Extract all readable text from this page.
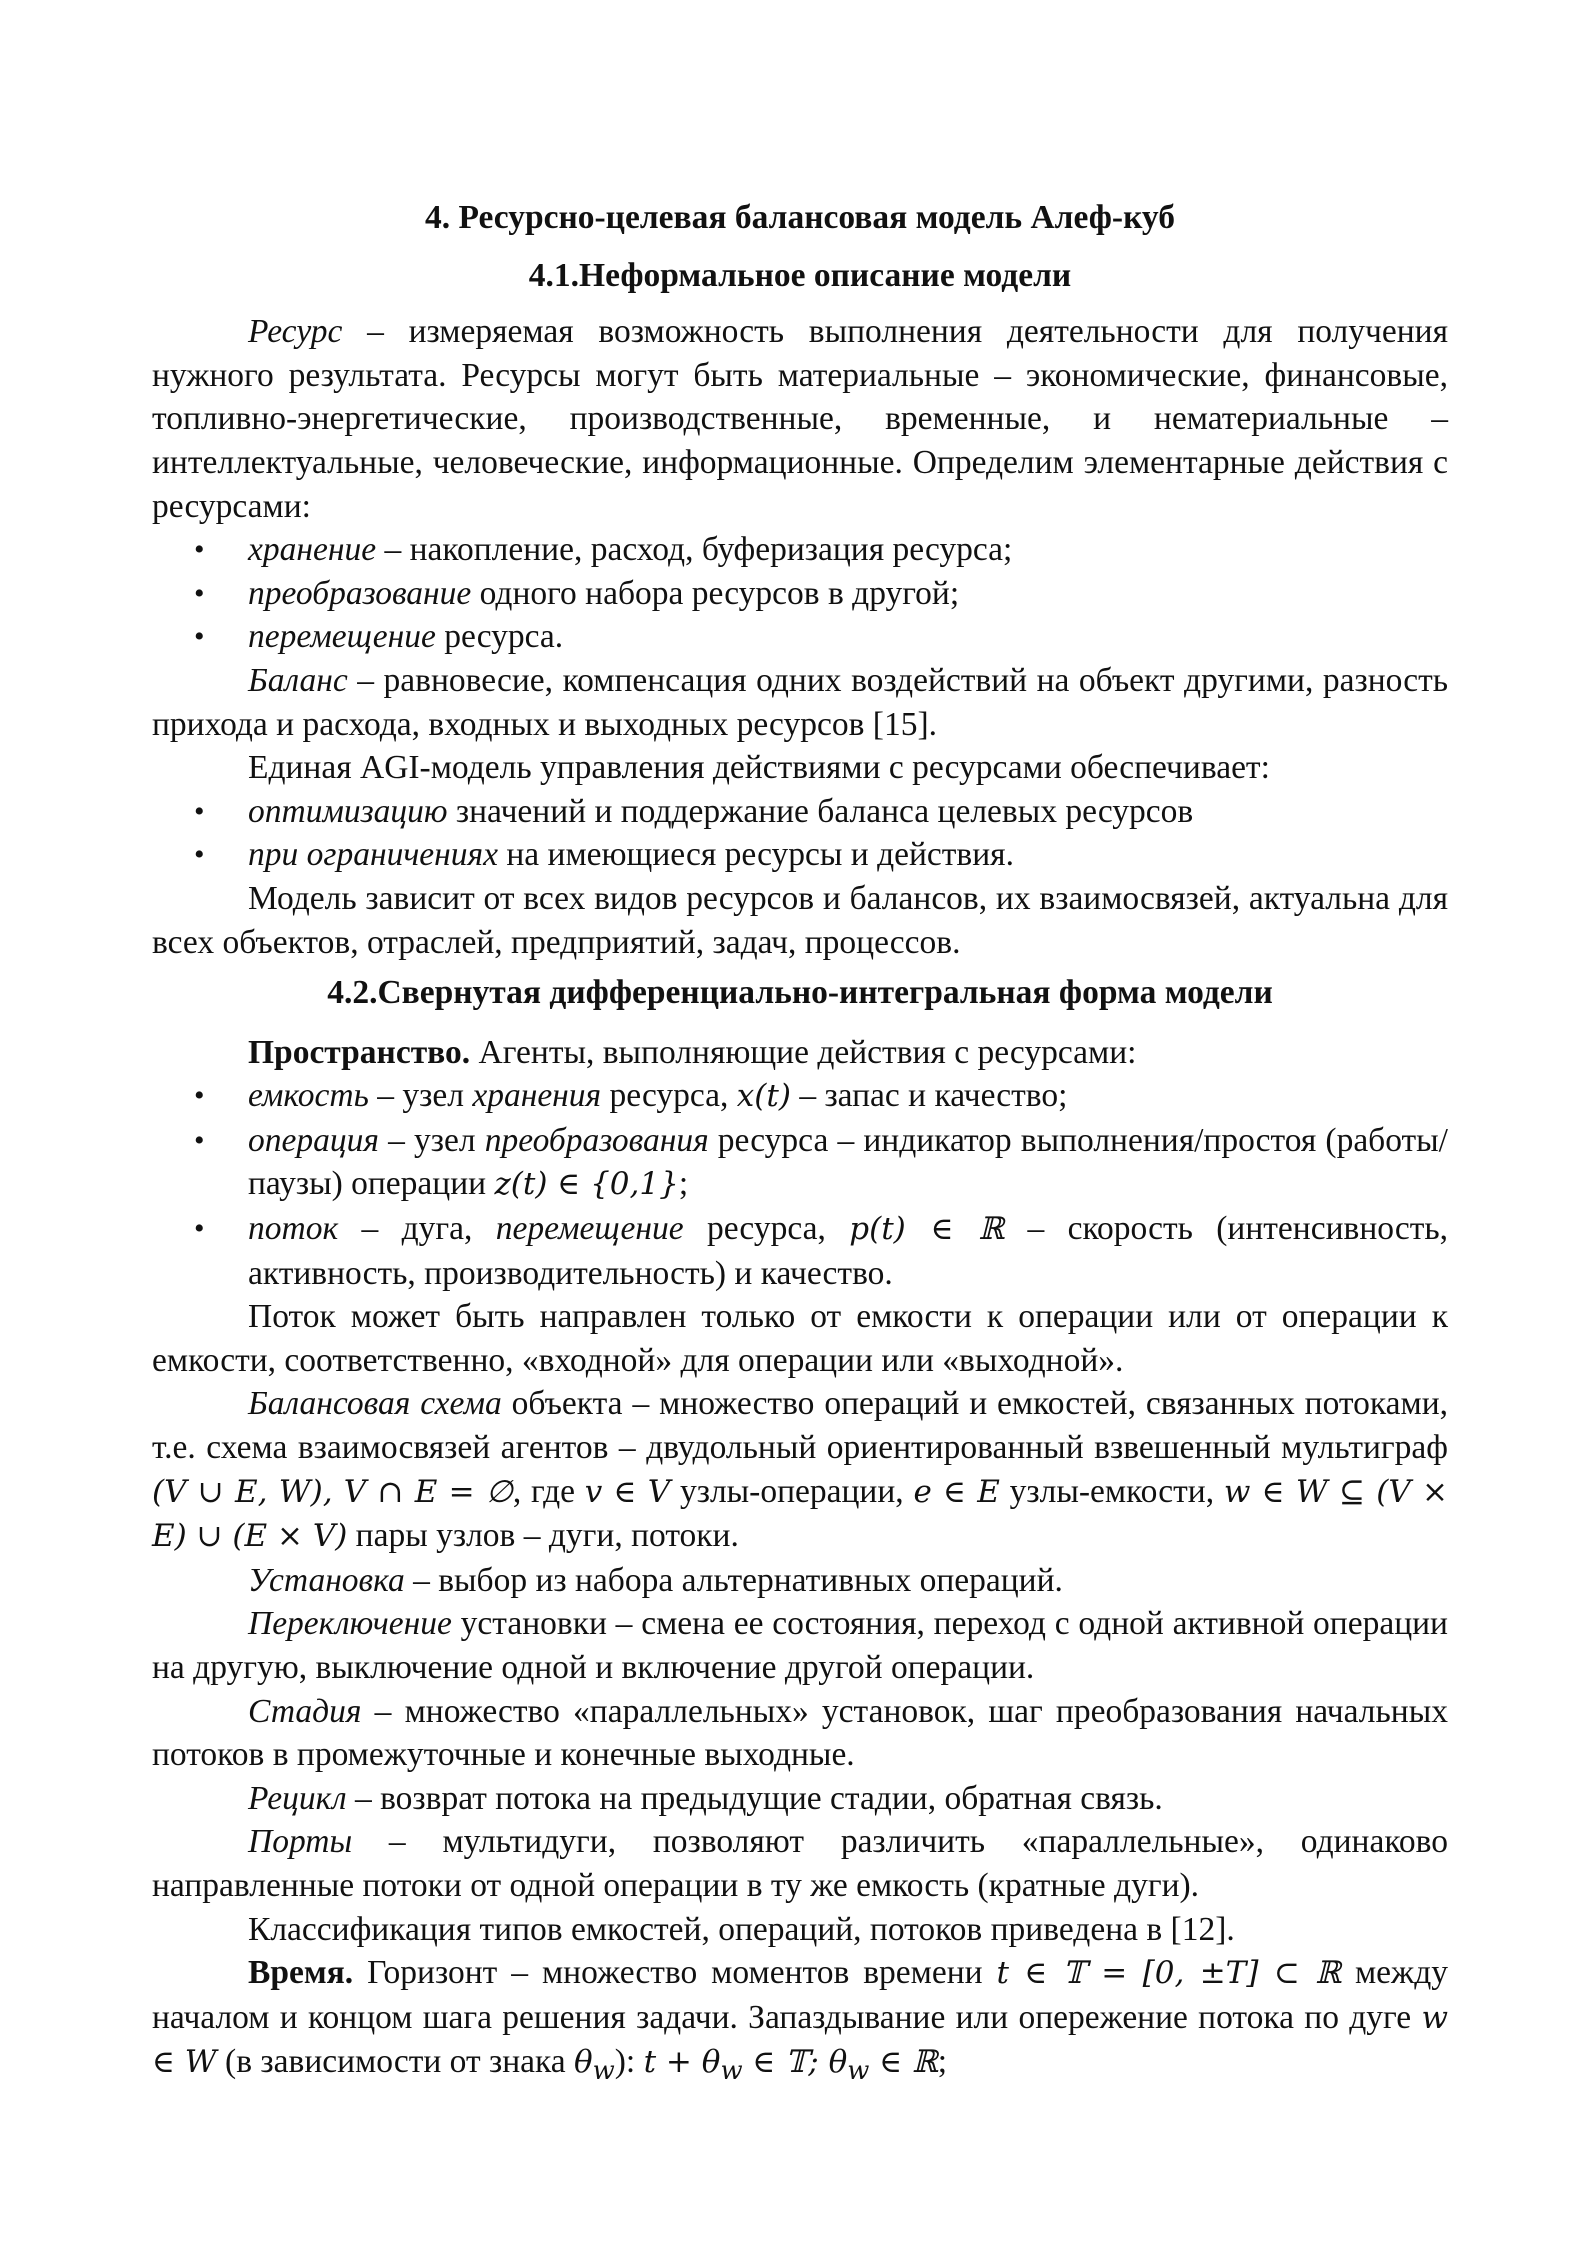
4. Ресурсно-целевая балансовая модель Алеф-куб
4.1.Неформальное описание модели

Ресурс – измеряемая возможность выполнения деятельности для получения нужного результата. Ресурсы могут быть материальные – экономические, финансовые, топливно-энергетические, производственные, временные, и нематериальные – интеллектуальные, человеческие, информационные. Определим элементарные действия с ресурсами:

• хранение – накопление, расход, буферизация ресурса;
• преобразование одного набора ресурсов в другой;
• перемещение ресурса.

Баланс – равновесие, компенсация одних воздействий на объект другими, разность прихода и расхода, входных и выходных ресурсов [15].

Единая AGI-модель управления действиями с ресурсами обеспечивает:

• оптимизацию значений и поддержание баланса целевых ресурсов
• при ограничениях на имеющиеся ресурсы и действия.

Модель зависит от всех видов ресурсов и балансов, их взаимосвязей, актуальна для всех объектов, отраслей, предприятий, задач, процессов.

4.2.Свернутая дифференциально-интегральная форма модели

Пространство. Агенты, выполняющие действия с ресурсами:

• емкость – узел хранения ресурса, x(t) – запас и качество;
• операция – узел преобразования ресурса – индикатор выполнения/простоя (работы/паузы) операции z(t) ∈ {0,1};
• поток – дуга, перемещение ресурса, p(t) ∈ ℝ – скорость (интенсивность, активность, производительность) и качество.

Поток может быть направлен только от емкости к операции или от операции к емкости, соответственно, «входной» для операции или «выходной».

Балансовая схема объекта – множество операций и емкостей, связанных потоками, т.е. схема взаимосвязей агентов – двудольный ориентированный взвешенный мультиграф (V ∪ E, W), V ∩ E = ∅, где v ∈ V узлы-операции, e ∈ E узлы-емкости, w ∈ W ⊆ (V × E) ∪ (E × V) пары узлов – дуги, потоки.

Установка – выбор из набора альтернативных операций.

Переключение установки – смена ее состояния, переход с одной активной операции на другую, выключение одной и включение другой операции.

Стадия – множество «параллельных» установок, шаг преобразования начальных потоков в промежуточные и конечные выходные.

Рецикл – возврат потока на предыдущие стадии, обратная связь.

Порты – мультидуги, позволяют различить «параллельные», одинаково направленные потоки от одной операции в ту же емкость (кратные дуги).

Классификация типов емкостей, операций, потоков приведена в [12].

Время. Горизонт – множество моментов времени t ∈ 𝕋 = [0, ±T] ⊂ ℝ между началом и концом шага решения задачи. Запаздывание или опережение потока по дуге w ∈ W (в зависимости от знака $\theta_w$): $t + \theta_w$ ∈ 𝕋; $\theta_w$ ∈ ℝ;
